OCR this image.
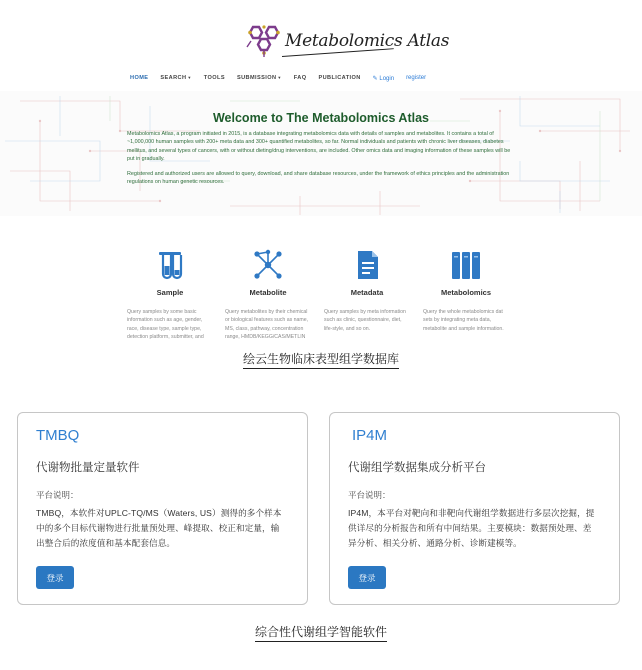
Metabolomics Atlas
HOME SEARCH▼ TOOLS SUBMISSION▼ FAQ PUBLICATION ✎ Login register
Welcome to The Metabolomics Atlas
Metabolomics Atlas, a program initiated in 2015, is a database integrating metabolomics data with details of samples and metabolites. It contains a total of ~1,000,000 human samples with 200+ meta data and 300+ quantified metabolites, so far. Normal individuals and patients with chronic liver diseases, diabetes mellitus, and several types of cancers, with or without dieting/drug interventions, are included. Other omics data and imaging information of these samples will be put in gradually.
Registered and authorized users are allowed to query, download, and share database resources, under the framework of ethics principles and the administration regulations on human genetic resources.
Sample
Query samples by some basic information such as age, gender, race, disease type, sample type, detection platform, submitter, and
Metabolite
Query metabolites by their chemical or biological features such as name, MS, class, pathway, concentration range, HMDB/KEGG/CAS/METLIN
Metadata
Query samples by meta information such as clinic, questionnaire, diet, life-style, and so on.
Metabolomics
Query the whole metabolomics dat sets by integrating meta data, metabolite and sample information.
绘云生物临床表型组学数据库
TMBQ
代谢物批量定量软件
平台说明：
TMBQ，本软件对UPLC-TQ/MS（Waters, US）测得的多个样本
中的多个目标代谢物进行批量预处理、峰提取、校正和定量，输
出整合后的浓度值和基本配套信息。
登录
IP4M
代谢组学数据集成分析平台
平台说明：
IP4M，本平台对靶向和非靶向代谢组学数据进行多层次挖掘，提
供详尽的分析报告和所有中间结果。主要模块：数据预处理、差
异分析、相关分析、通路分析、诊断建模等。
登录
综合性代谢组学智能软件
